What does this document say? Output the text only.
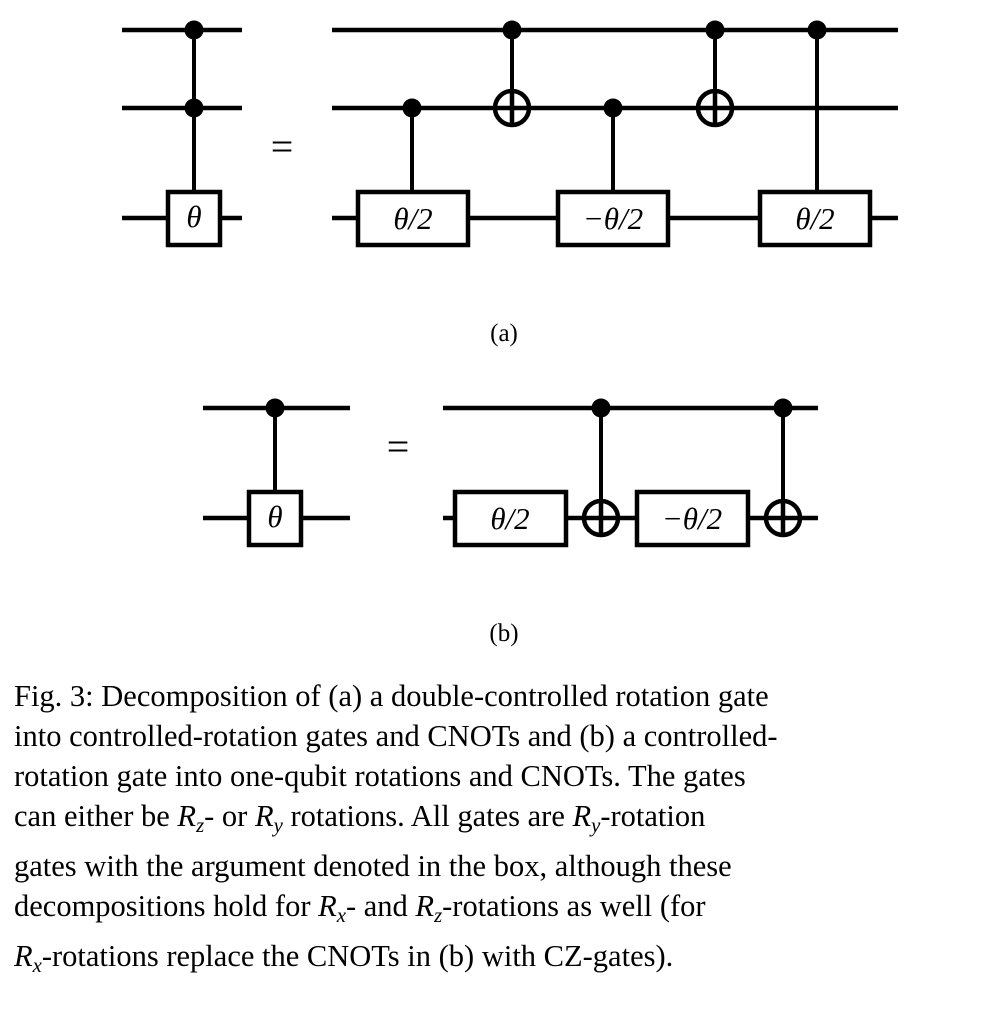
θ
=
θ/2	−θ/2	θ/2
(a)
θ
=
θ/2	−θ/2
(b)
Fig. 3: Decomposition of (a) a double-controlled rotation gate
into controlled-rotation gates and CNOTs and (b) a controlled-
rotation gate into one-qubit rotations and CNOTs. The gates
can either be $R_z-$ or $R_y$ rotations. All gates are $R_y$-rotation
gates with the argument denoted in the box, although these
decompositions hold for $R_x-$ and $R_z$-rotations as well (for
$R_x$-rotations replace the CNOTs in (b) with CZ-gates).
